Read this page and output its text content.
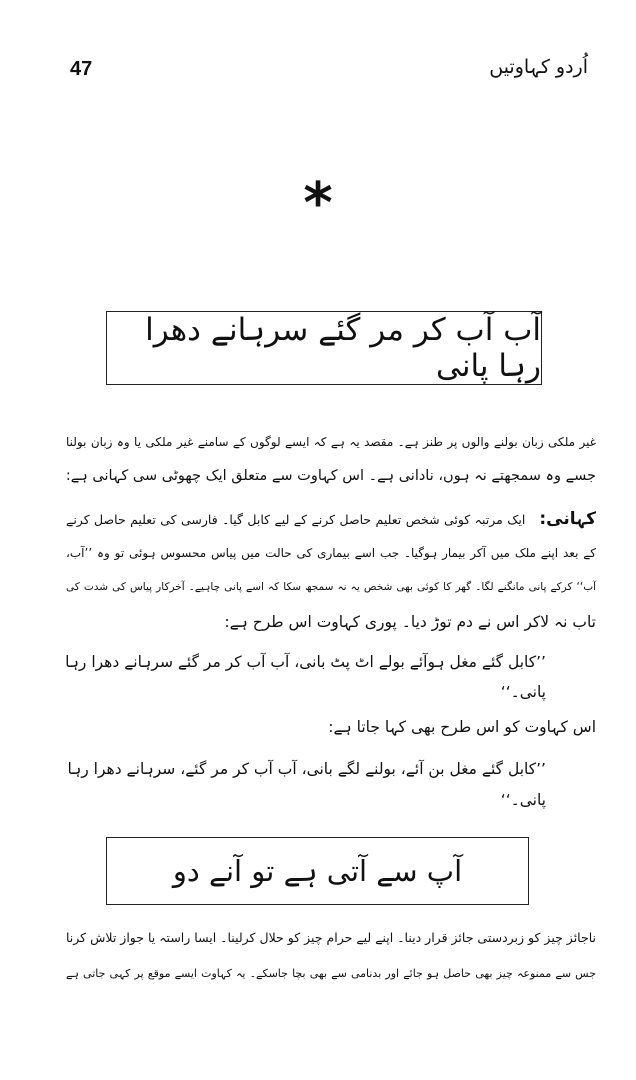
47	اُردو کہاوتیں
*
آب آب کر مر گئے سرہانے دھرا رہا پانی
غیر ملکی زبان بولنے والوں پر طنز ہے۔ مقصد یہ ہے کہ ایسے لوگوں کے سامنے غیر ملکی یا وہ زبان بولنا
جسے وہ سمجھتے نہ ہوں، نادانی ہے۔ اس کہاوت سے متعلق ایک چھوٹی سی کہانی ہے:
کہانی:ایک مرتبہ کوئی شخص تعلیم حاصل کرنے کے لیے کابل گیا۔ فارسی کی تعلیم حاصل کرنے
کے بعد اپنے ملک میں آکر بیمار ہوگیا۔ جب اسے بیماری کی حالت میں پیاس محسوس ہوئی تو وہ ’’آب،
آب‘‘ کرکے پانی مانگنے لگا۔ گھر کا کوئی بھی شخص یہ نہ سمجھ سکا کہ اسے پانی چاہیے۔ آخرکار پیاس کی شدت کی
تاب نہ لاکر اس نے دم توڑ دیا۔ پوری کہاوت اس طرح ہے:
’’کابل گئے مغل ہوآئے بولے اٹ پٹ بانی، آب آب کر مر گئے سرہانے دھرا رہا
پانی۔‘‘
اس کہاوت کو اس طرح بھی کہا جاتا ہے:
’’کابل گئے مغل بن آئے، بولنے لگے بانی، آب آب کر مر گئے، سرہانے دھرا رہا
پانی۔‘‘
آپ سے آتی ہے تو آنے دو
ناجائز چیز کو زبردستی جائز قرار دینا۔ اپنے لیے حرام چیز کو حلال کرلینا۔ ایسا راستہ یا جواز تلاش کرنا
جس سے ممنوعہ چیز بھی حاصل ہو جائے اور بدنامی سے بھی بچا جاسکے۔ یہ کہاوت ایسے موقع پر کہی جاتی ہے
